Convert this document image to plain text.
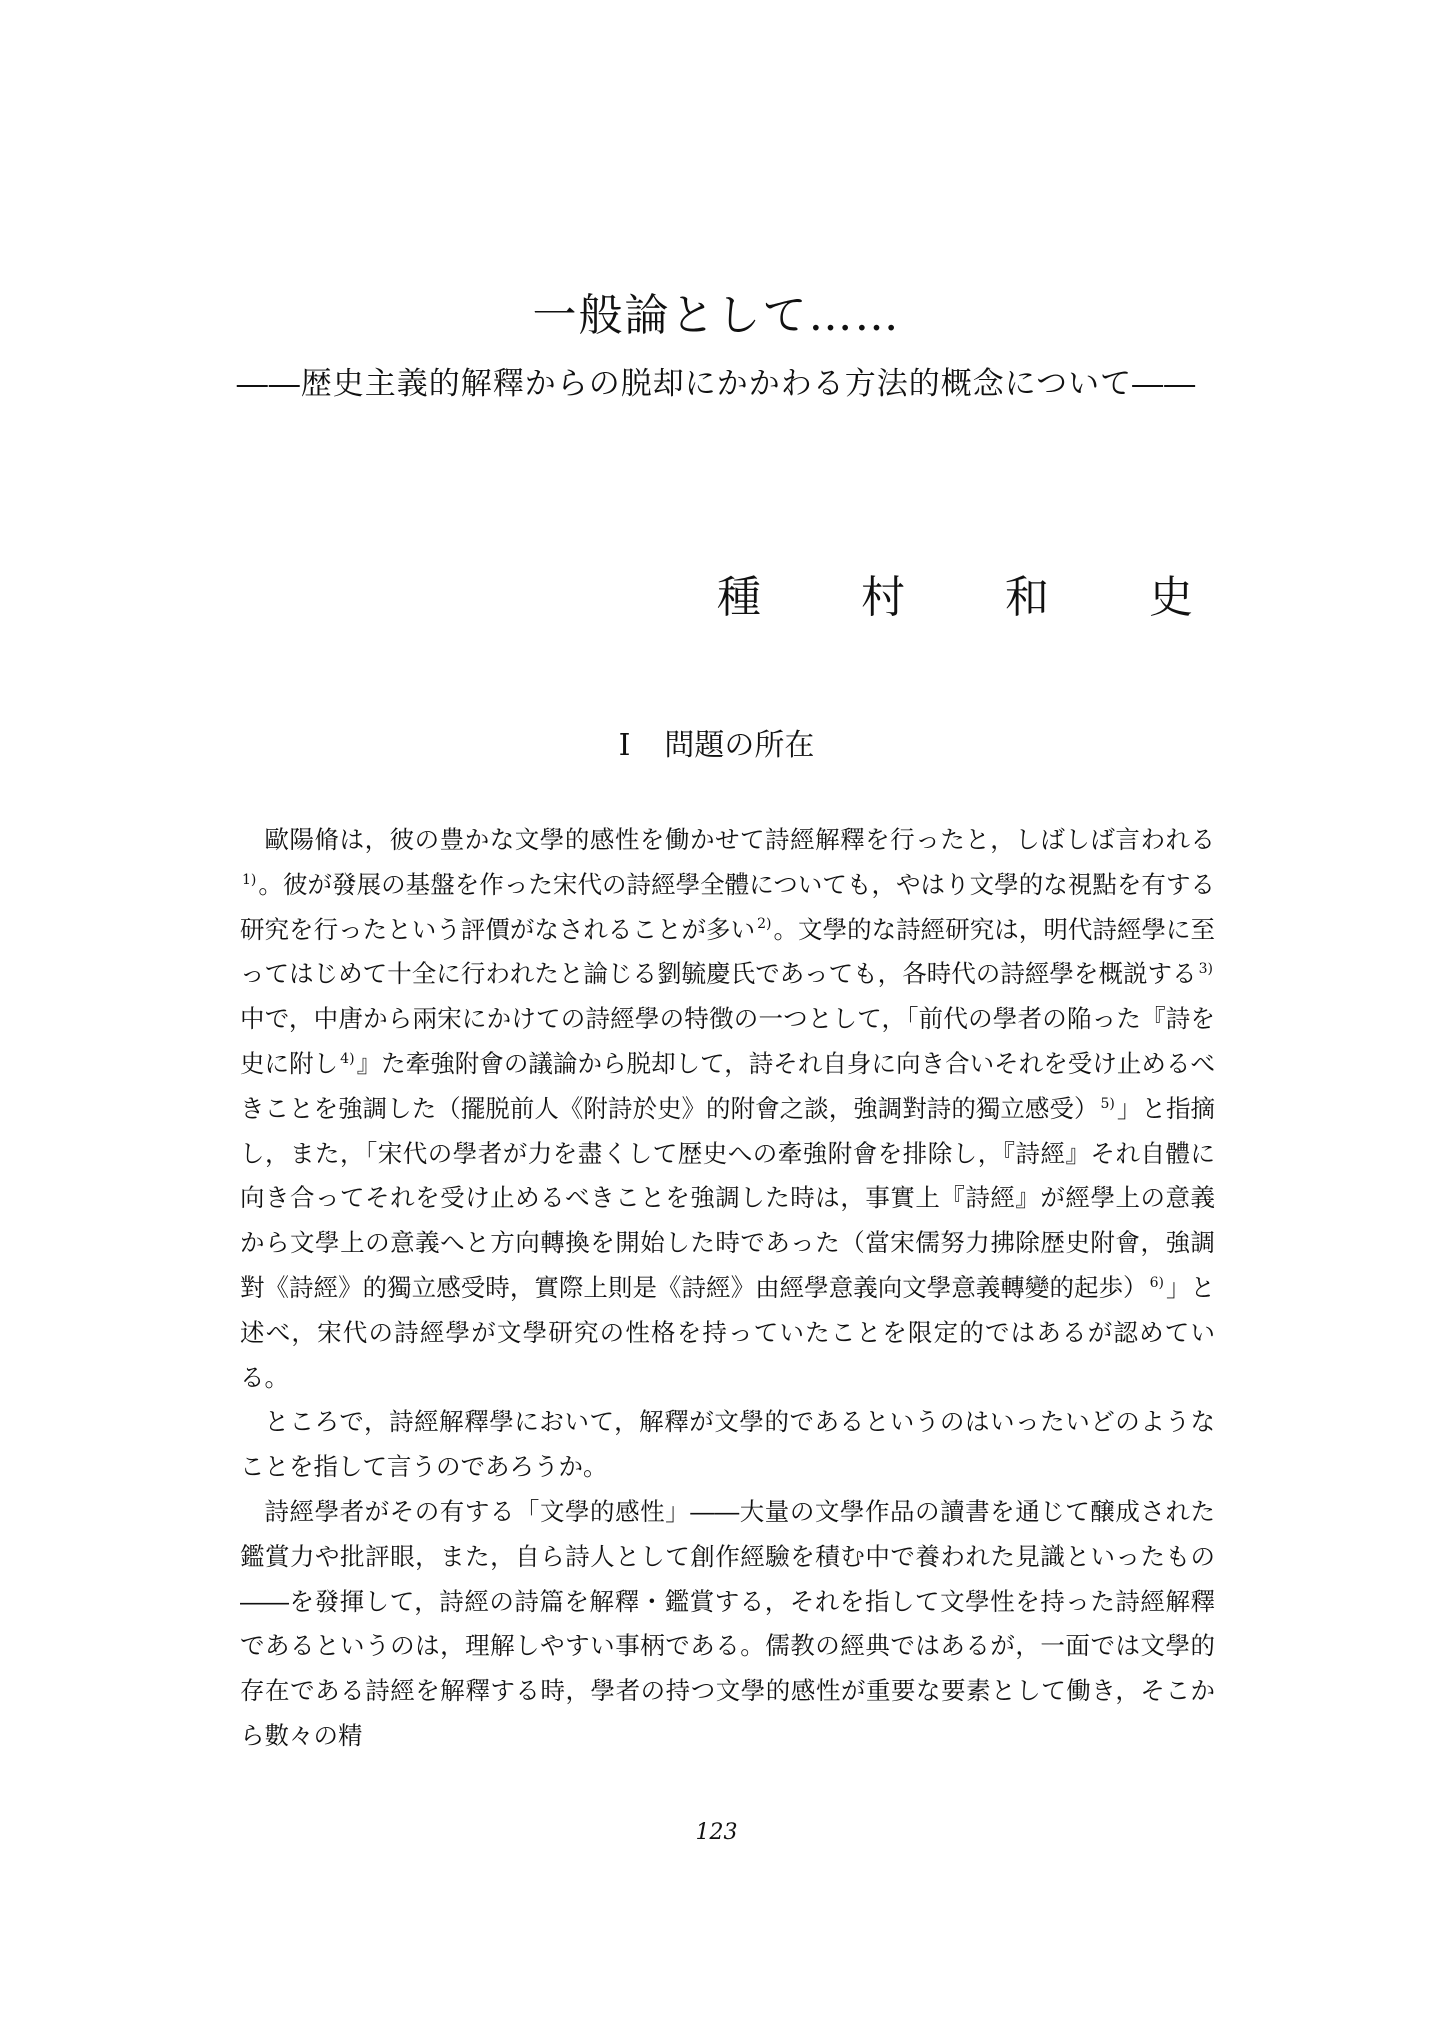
一般論として……
――歴史主義的解釋からの脱却にかかわる方法的概念について――
種　村　和　史
Ⅰ 問題の所在

歐陽脩は，彼の豊かな文學的感性を働かせて詩經解釋を行ったと，しばしば言われる$^{1)}$。彼が發展の基盤を作った宋代の詩經學全體についても，やはり文學的な視點を有する研究を行ったという評價がなされることが多い $^{2)}$。文學的な詩經研究は，明代詩經學に至ってはじめて十全に行われたと論じる劉毓慶氏であっても，各時代の詩經學を概説する $^{3)}$中で，中唐から兩宋にかけての詩經學の特徴の一つとして，「前代の學者の陥った『詩を史に附し $^{4)}$』た牽強附會の議論から脱却して，詩それ自身に向き合いそれを受け止めるべきことを強調した（擺脱前人《附詩於史》的附會之談，強調對詩的獨立感受） $^{5)}$」と指摘し，また，「宋代の學者が力を盡くして歴史への牽強附會を排除し，『詩經』それ自體に向き合ってそれを受け止めるべきことを強調した時は，事實上『詩經』が經學上の意義から文學上の意義へと方向轉換を開始した時であった（當宋儒努力拂除歴史附會，強調對《詩經》的獨立感受時，實際上則是《詩經》由經學意義向文學意義轉變的起歩） $^{6)}$」と述べ，宋代の詩經學が文學研究の性格を持っていたことを限定的ではあるが認めている。

ところで，詩經解釋學において，解釋が文學的であるというのはいったいどのようなことを指して言うのであろうか。

詩經學者がその有する「文學的感性」――大量の文學作品の讀書を通じて醸成された鑑賞力や批評眼，また，自ら詩人として創作經驗を積む中で養われた見識といったもの――を發揮して，詩經の詩篇を解釋・鑑賞する，それを指して文學性を持った詩經解釋であるというのは，理解しやすい事柄である。儒教の經典ではあるが，一面では文學的存在である詩經を解釋する時，學者の持つ文學的感性が重要な要素として働き，そこから數々の精

123
